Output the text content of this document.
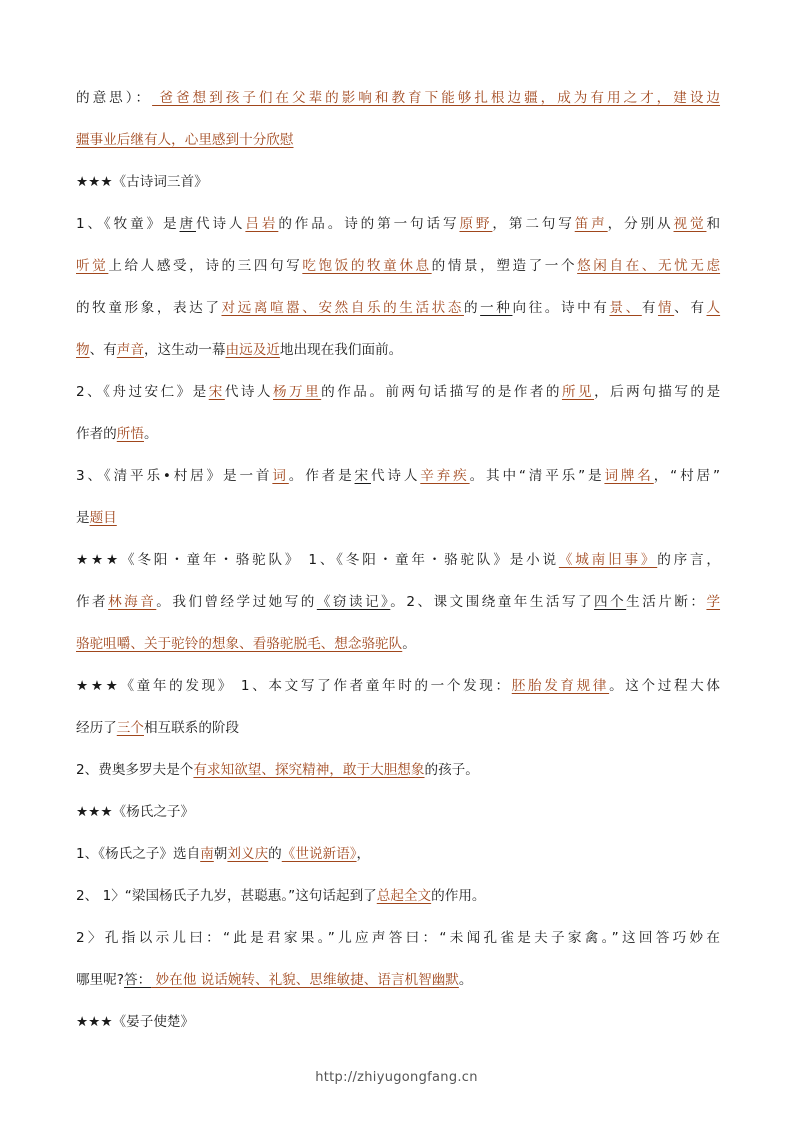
的意思）： 爸爸想到孩子们在父辈的影响和教育下能够扎根边疆，成为有用之才，建设边
疆事业后继有人，心里感到十分欣慰
★★★《古诗词三首》
1、《牧童》是唐代诗人吕岩的作品。诗的第一句话写原野，第二句写笛声，分别从视觉和
听觉上给人感受，诗的三四句写吃饱饭的牧童休息的情景，塑造了一个悠闲自在、无忧无虑
的牧童形象，表达了对远离喧嚣、安然自乐的生活状态的一种向往。诗中有景、有情、有人
物、有声音，这生动一幕由远及近地出现在我们面前。
2、《舟过安仁》是宋代诗人杨万里的作品。前两句话描写的是作者的所见，后两句描写的是
作者的所悟。
3、《清平乐•村居》是一首词。作者是宋代诗人辛弃疾。其中“清平乐”是词牌名，“村居”
是题目
★★★《冬阳・童年・骆驼队》 1、《冬阳・童年・骆驼队》是小说《城南旧事》的序言，
作者林海音。我们曾经学过她写的《窃读记》。2、课文围绕童年生活写了四个生活片断：学
骆驼咀嚼、关于驼铃的想象、看骆驼脱毛、想念骆驼队。
★★★《童年的发现》 1、本文写了作者童年时的一个发现：胚胎发育规律。这个过程大体
经历了三个相互联系的阶段
2、费奥多罗夫是个有求知欲望、探究精神，敢于大胆想象的孩子。
★★★《杨氏之子》
1、《杨氏之子》选自南朝刘义庆的《世说新语》，
2、 1〉“梁国杨氏子九岁，甚聪惠。”这句话起到了总起全文的作用。
2〉孔指以示儿曰：“此是君家果。”儿应声答曰：“未闻孔雀是夫子家禽。”这回答巧妙在
哪里呢?答： 妙在他 说话婉转、礼貌、思维敏捷、语言机智幽默。
★★★《晏子使楚》
http://zhiyugongfang.cn
